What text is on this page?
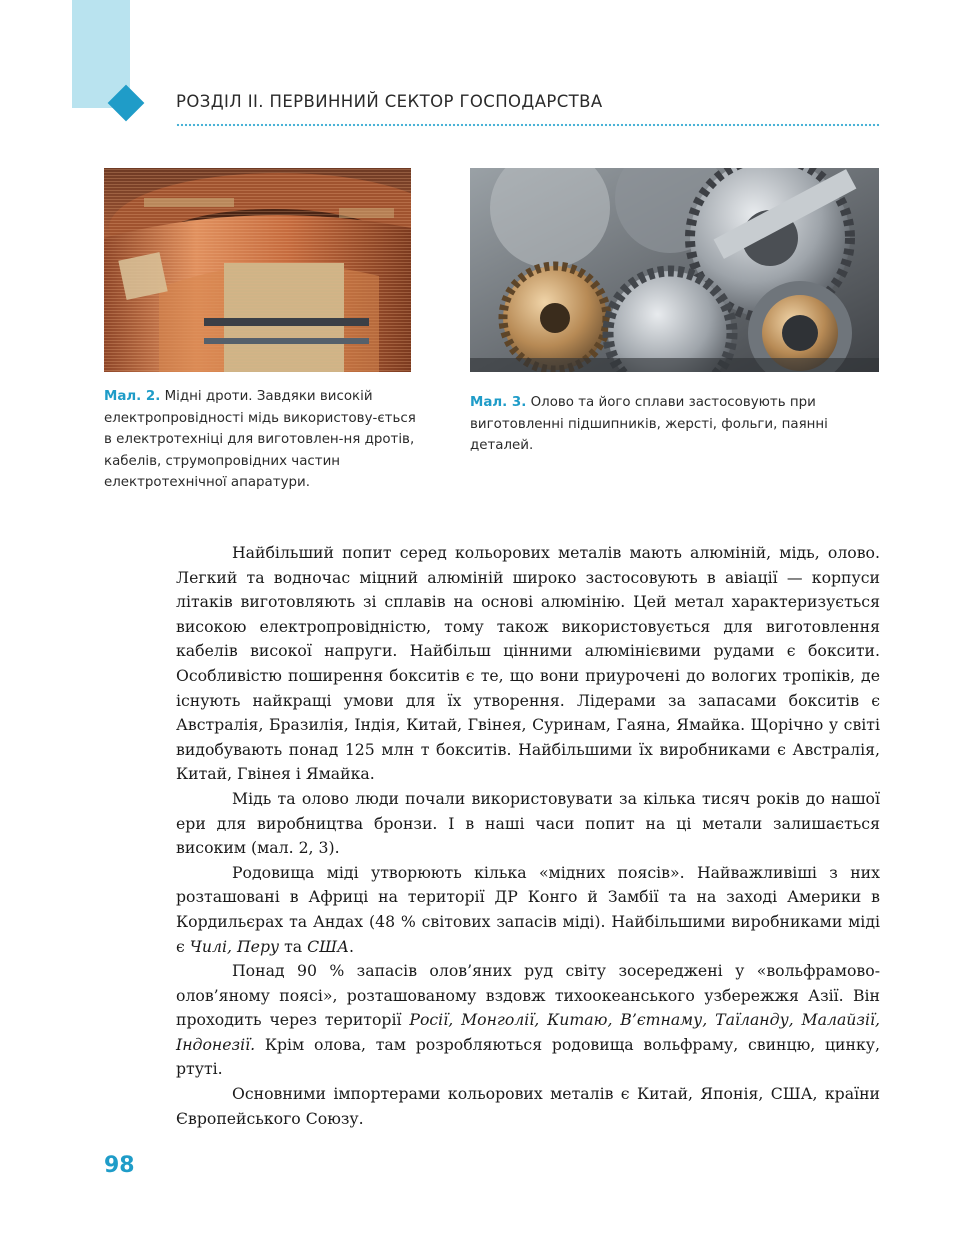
РОЗДІЛ ІІ. ПЕРВИННИЙ СЕКТОР ГОСПОДАРСТВА
Мал. 2. Мідні дроти. Завдяки високій електропровідності мідь використову-ється в електротехніці для виготовлен-ня дротів, кабелів, струмопровідних частин електротехнічної апаратури.
Мал. 3. Олово та його сплави застосовують при виготовленні підшипників, жерсті, фольги, паянні деталей.

Найбільший попит серед кольорових металів мають алюміній, мідь, олово. Легкий та водночас міцний алюміній широко застосовують в авіації — корпуси літаків виготовляють зі сплавів на основі алюмінію. Цей метал характеризується високою електропровідністю, тому також використовується для виготовлення кабелів високої напруги. Найбільш цінними алюмінієвими рудами є боксити. Особливістю поширення бокситів є те, що вони приурочені до вологих тропіків, де існують найкращі умови для їх утворення. Лідерами за запасами бокситів є Австралія, Бразилія, Індія, Китай, Гвінея, Суринам, Гаяна, Ямайка. Щорічно у світі видобувають понад 125 млн т бокситів. Найбільшими їх виробниками є Австралія, Китай, Гвінея і Ямайка.

Мідь та олово люди почали використовувати за кілька тисяч років до нашої ери для виробництва бронзи. І в наші часи попит на ці метали залишається високим (мал. 2, 3).

Родовища міді утворюють кілька «мідних поясів». Найважливіші з них розташовані в Африці на території ДР Конго й Замбії та на заході Америки в Кордильєрах та Андах (48 % світових запасів міді). Найбільшими виробниками міді є Чилі, Перу та США.

Понад 90 % запасів олов’яних руд світу зосереджені у «вольфрамово-олов’яному поясі», розташованому вздовж тихоокеанського узбережжя Азії. Він проходить через території Росії, Монголії, Китаю, В’єтнаму, Таїланду, Малайзії, Індонезії. Крім олова, там розробляються родовища вольфраму, свинцю, цинку, ртуті.

Основними імпортерами кольорових металів є Китай, Японія, США, країни Європейського Союзу.

98
